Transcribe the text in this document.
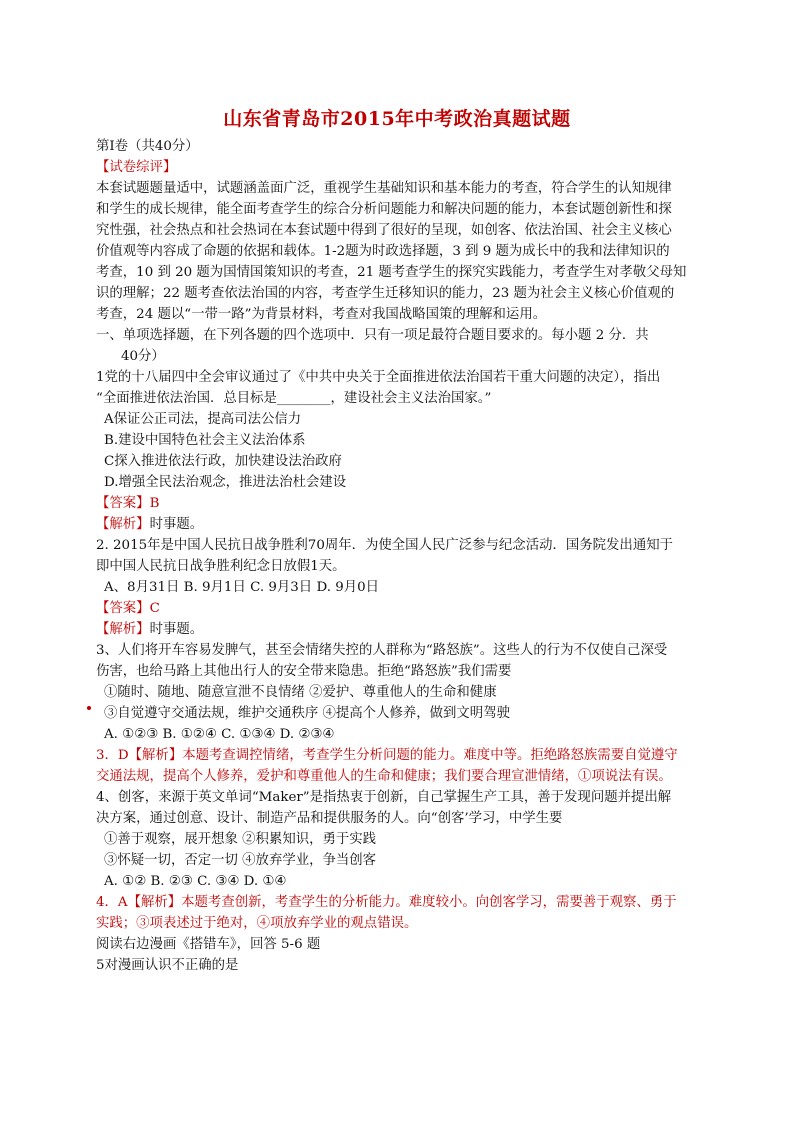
山东省青岛市2015年中考政治真题试题
第I卷（共40分）
【试卷综评】
本套试题题量适中，试题涵盖面广泛，重视学生基础知识和基本能力的考查，符合学生的认知规律
和学生的成长规律，能全面考查学生的综合分析问题能力和解决问题的能力，本套试题创新性和探
究性强，社会热点和社会热词在本套试题中得到了很好的呈现，如创客、依法治国、社会主义核心
价值观等内容成了命题的依据和载体。1-2题为时政选择题，3 到 9 题为成长中的我和法律知识的
考查，10 到 20 题为国情国策知识的考查，21 题考查学生的探究实践能力，考查学生对孝敬父母知
识的理解；22 题考查依法治国的内容，考查学生迁移知识的能力，23 题为社会主义核心价值观的
考查，24 题以“一带一路”为背景材料，考查对我国战略国策的理解和运用。
一、单项选择题，在下列各题的四个选项中．只有一项足最符合题目要求的。每小题 2 分．共
40分）
1党的十八届四中全会审议通过了《中共中央关于全面推进依法治国若干重大问题的决定），指出
“全面推进依法治国．总目标是________，建设社会主义法治国家。”
A保证公正司法，提高司法公信力
B.建设中国特色社会主义法治体系
C探入推进依法行政，加快建设法治政府
D.增强全民法治观念，推进法治杜会建设
【答案】B
【解析】时事题。
2. 2015年是中国人民抗日战争胜利70周年．为使全国人民广泛参与纪念活动．国务院发出通知于
即中国人民抗日战争胜利纪念日放假1天。
A、8月31日 B. 9月1日 C. 9月3日 D. 9月0日
【答案】C
【解析】时事题。
3、人们将开车容易发脾气，甚至会情绪失控的人群称为“路怒族”。这些人的行为不仅使自己深受
伤害，也给马路上其他出行人的安全带来隐患。拒绝“路怒族”我们需要
①随时、随地、随意宣泄不良情绪 ②爱护、尊重他人的生命和健康
③自觉遵守交通法规，维护交通秩序 ④提高个人修养，做到文明驾驶
A. ①②③ B. ①②④ C. ①③④ D. ②③④
3．D【解析】本题考查调控情绪，考查学生分析问题的能力。难度中等。拒绝路怒族需要自觉遵守
交通法规，提高个人修养，爱护和尊重他人的生命和健康；我们要合理宣泄情绪，①项说法有误。
4、创客，来源于英文单词“Maker”是指热衷于创新，自己掌握生产工具，善于发现问题并提出解
决方案，通过创意、设计、制造产品和提供服务的人。向“创客’学习，中学生要
①善于观察，展开想象 ②积累知识，勇于实践
③怀疑一切，否定一切 ④放弃学业，争当创客
A. ①② B. ②③ C. ③④ D. ①④
4．A【解析】本题考查创新，考查学生的分析能力。难度较小。向创客学习，需要善于观察、勇于
实践；③项表述过于绝对，④项放弃学业的观点错误。
阅读右边漫画《搭错车》，回答 5-6 题
5对漫画认识不正确的是
